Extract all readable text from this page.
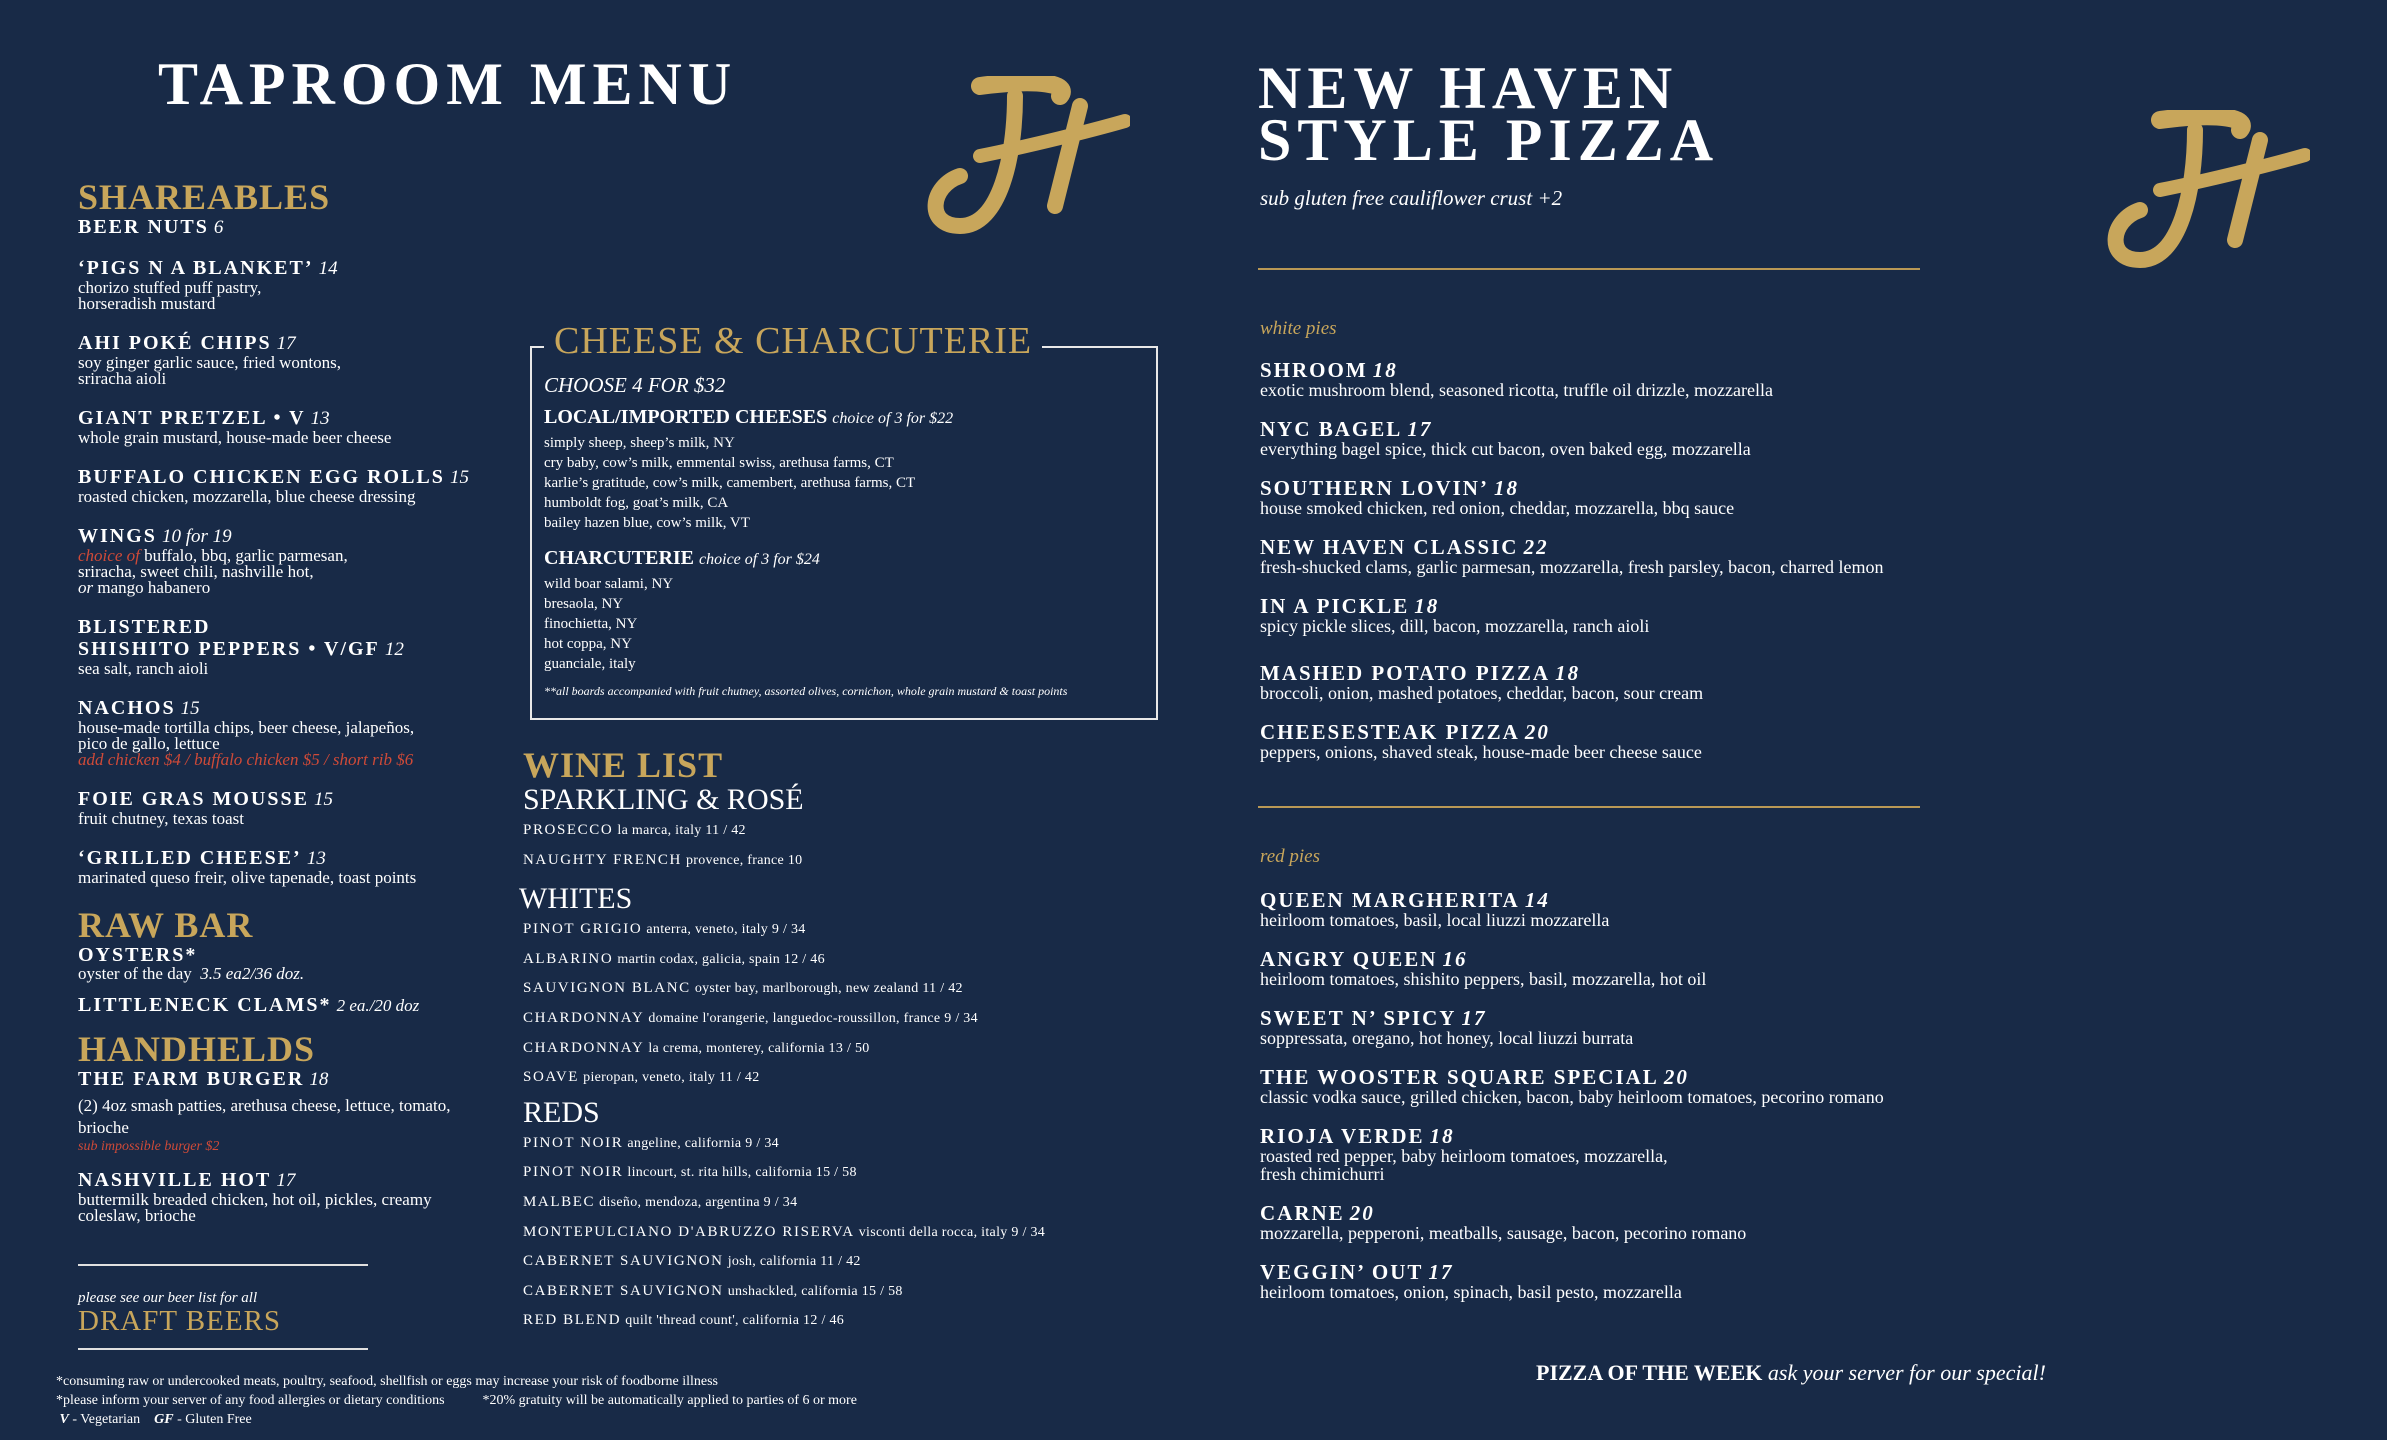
TAPROOM MENU
SHAREABLES
BEER NUTS 6
‘PIGS N A BLANKET’ 14
chorizo stuffed puff pastry,
horseradish mustard
AHI POKÉ CHIPS 17
soy ginger garlic sauce, fried wontons,
sriracha aioli
GIANT PRETZEL • V 13
whole grain mustard, house-made beer cheese
BUFFALO CHICKEN EGG ROLLS 15
roasted chicken, mozzarella, blue cheese dressing
WINGS 10 for 19
choice of buffalo, bbq, garlic parmesan,
sriracha, sweet chili, nashville hot,
or mango habanero
BLISTERED
SHISHITO PEPPERS • V/GF 12
sea salt, ranch aioli
NACHOS 15
house-made tortilla chips, beer cheese, jalapeños,
pico de gallo, lettuce
add chicken $4 / buffalo chicken $5 / short rib $6
FOIE GRAS MOUSSE 15
fruit chutney, texas toast
‘GRILLED CHEESE’ 13
marinated queso freir, olive tapenade, toast points
RAW BAR
OYSTERS*
oyster of the day 3.5 ea2/36 doz.
LITTLENECK CLAMS* 2 ea./20 doz
HANDHELDS
THE FARM BURGER 18
(2) 4oz smash patties, arethusa cheese, lettuce, tomato,
brioche
sub impossible burger $2
NASHVILLE HOT 17
buttermilk breaded chicken, hot oil, pickles, creamy
coleslaw, brioche
please see our beer list for all
DRAFT BEERS
CHEESE & CHARCUTERIE
CHOOSE 4 FOR $32
LOCAL/IMPORTED CHEESES choice of 3 for $22
simply sheep, sheep’s milk, NY
cry baby, cow’s milk, emmental swiss, arethusa farms, CT
karlie’s gratitude, cow’s milk, camembert, arethusa farms, CT
humboldt fog, goat’s milk, CA
bailey hazen blue, cow’s milk, VT
CHARCUTERIE choice of 3 for $24
wild boar salami, NY
bresaola, NY
finochietta, NY
hot coppa, NY
guanciale, italy
**all boards accompanied with fruit chutney, assorted olives, cornichon, whole grain mustard & toast points
WINE LIST
SPARKLING & ROSÉ
PROSECCO la marca, italy 11 / 42
NAUGHTY FRENCH provence, france 10
WHITES
PINOT GRIGIO anterra, veneto, italy 9 / 34
ALBARINO martin codax, galicia, spain 12 / 46
SAUVIGNON BLANC oyster bay, marlborough, new zealand 11 / 42
CHARDONNAY domaine l'orangerie, languedoc-roussillon, france 9 / 34
CHARDONNAY la crema, monterey, california 13 / 50
SOAVE pieropan, veneto, italy 11 / 42
REDS
PINOT NOIR angeline, california 9 / 34
PINOT NOIR lincourt, st. rita hills, california 15 / 58
MALBEC diseño, mendoza, argentina 9 / 34
MONTEPULCIANO D'ABRUZZO RISERVA visconti della rocca, italy 9 / 34
CABERNET SAUVIGNON josh, california 11 / 42
CABERNET SAUVIGNON unshackled, california 15 / 58
RED BLEND quilt 'thread count', california 12 / 46
NEW HAVEN
STYLE PIZZA
sub gluten free cauliflower crust +2
white pies
SHROOM 18
exotic mushroom blend, seasoned ricotta, truffle oil drizzle, mozzarella
NYC BAGEL 17
everything bagel spice, thick cut bacon, oven baked egg, mozzarella
SOUTHERN LOVIN’ 18
house smoked chicken, red onion, cheddar, mozzarella, bbq sauce
NEW HAVEN CLASSIC 22
fresh-shucked clams, garlic parmesan, mozzarella, fresh parsley, bacon, charred lemon
IN A PICKLE 18
spicy pickle slices, dill, bacon, mozzarella, ranch aioli
MASHED POTATO PIZZA 18
broccoli, onion, mashed potatoes, cheddar, bacon, sour cream
CHEESESTEAK PIZZA 20
peppers, onions, shaved steak, house-made beer cheese sauce
red pies
QUEEN MARGHERITA 14
heirloom tomatoes, basil, local liuzzi mozzarella
ANGRY QUEEN 16
heirloom tomatoes, shishito peppers, basil, mozzarella, hot oil
SWEET N’ SPICY 17
soppressata, oregano, hot honey, local liuzzi burrata
THE WOOSTER SQUARE SPECIAL 20
classic vodka sauce, grilled chicken, bacon, baby heirloom tomatoes, pecorino romano
RIOJA VERDE 18
roasted red pepper, baby heirloom tomatoes, mozzarella,
fresh chimichurri
CARNE 20
mozzarella, pepperoni, meatballs, sausage, bacon, pecorino romano
VEGGIN’ OUT 17
heirloom tomatoes, onion, spinach, basil pesto, mozzarella
PIZZA OF THE WEEK ask your server for our special!
*consuming raw or undercooked meats, poultry, seafood, shellfish or eggs may increase your risk of foodborne illness
*please inform your server of any food allergies or dietary conditions	*20% gratuity will be automatically applied to parties of 6 or more
V - Vegetarian GF - Gluten Free
